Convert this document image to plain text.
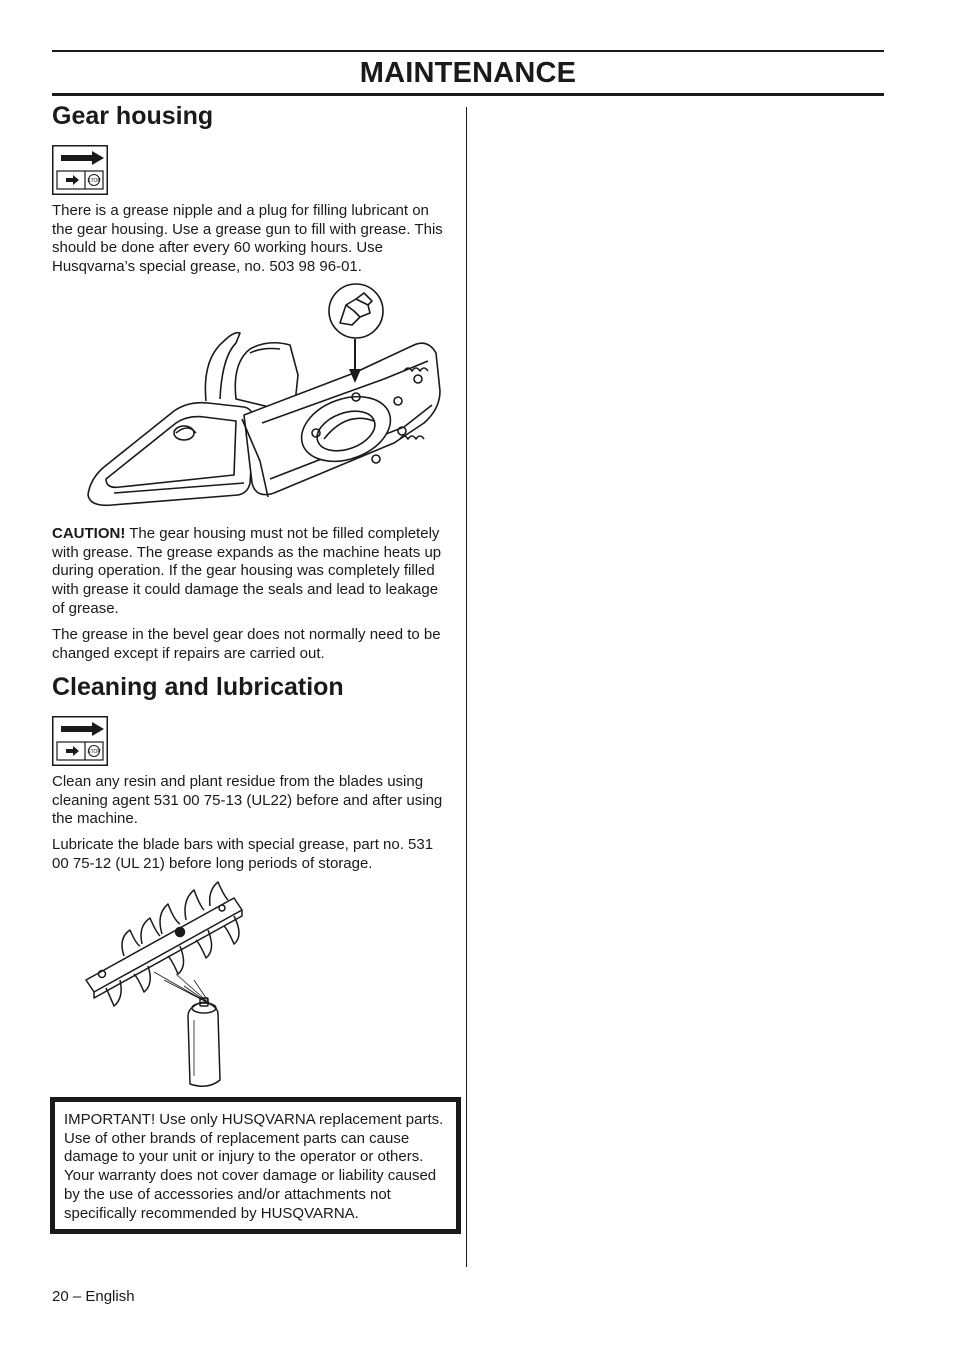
MAINTENANCE
Gear housing
STOP

There is a grease nipple and a plug for filling lubricant on the gear housing. Use a grease gun to fill with grease. This should be done after every 60 working hours. Use Husqvarna’s special grease, no. 503 98 96-01.

CAUTION! The gear housing must not be filled completely with grease. The grease expands as the machine heats up during operation. If the gear housing was completely filled with grease it could damage the seals and lead to leakage of grease.

The grease in the bevel gear does not normally need to be changed except if repairs are carried out.

Cleaning and lubrication
STOP

Clean any resin and plant residue from the blades using cleaning agent 531 00 75-13 (UL22) before and after using the machine.

Lubricate the blade bars with special grease, part no. 531 00 75-12 (UL 21) before long periods of storage.

IMPORTANT! Use only HUSQVARNA replacement parts. Use of other brands of replacement parts can cause damage to your unit or injury to the operator or others. Your warranty does not cover damage or liability caused by the use of accessories and/or attachments not specifically recommended by HUSQVARNA.

20 – English
